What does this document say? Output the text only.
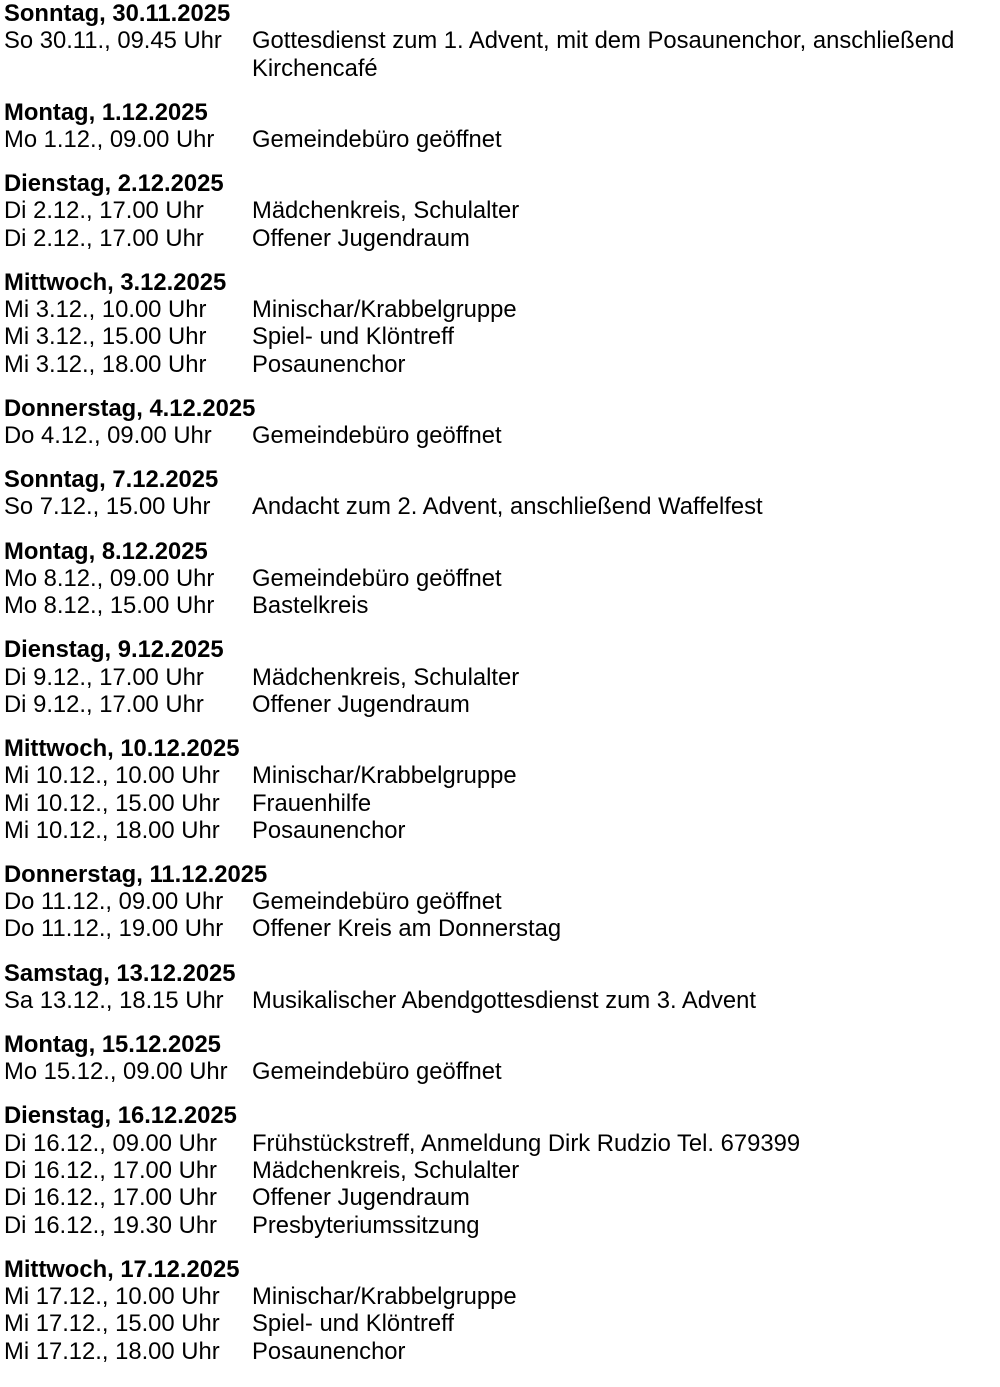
Sonntag, 30.11.2025
So 30.11., 09.45 Uhr	Gottesdienst zum 1. Advent, mit dem Posaunenchor, anschließend Kirchencafé
Montag, 1.12.2025
Mo 1.12., 09.00 Uhr	Gemeindebüro geöffnet
Dienstag, 2.12.2025
Di 2.12., 17.00 Uhr	Mädchenkreis, Schulalter
Di 2.12., 17.00 Uhr	Offener Jugendraum
Mittwoch, 3.12.2025
Mi 3.12., 10.00 Uhr	Minischar/Krabbelgruppe
Mi 3.12., 15.00 Uhr	Spiel- und Klöntreff
Mi 3.12., 18.00 Uhr	Posaunenchor
Donnerstag, 4.12.2025
Do 4.12., 09.00 Uhr	Gemeindebüro geöffnet
Sonntag, 7.12.2025
So 7.12., 15.00 Uhr	Andacht zum 2. Advent, anschließend Waffelfest
Montag, 8.12.2025
Mo 8.12., 09.00 Uhr	Gemeindebüro geöffnet
Mo 8.12., 15.00 Uhr	Bastelkreis
Dienstag, 9.12.2025
Di 9.12., 17.00 Uhr	Mädchenkreis, Schulalter
Di 9.12., 17.00 Uhr	Offener Jugendraum
Mittwoch, 10.12.2025
Mi 10.12., 10.00 Uhr	Minischar/Krabbelgruppe
Mi 10.12., 15.00 Uhr	Frauenhilfe
Mi 10.12., 18.00 Uhr	Posaunenchor
Donnerstag, 11.12.2025
Do 11.12., 09.00 Uhr	Gemeindebüro geöffnet
Do 11.12., 19.00 Uhr	Offener Kreis am Donnerstag
Samstag, 13.12.2025
Sa 13.12., 18.15 Uhr	Musikalischer Abendgottesdienst zum 3. Advent
Montag, 15.12.2025
Mo 15.12., 09.00 Uhr	Gemeindebüro geöffnet
Dienstag, 16.12.2025
Di 16.12., 09.00 Uhr	Frühstückstreff, Anmeldung Dirk Rudzio Tel. 679399
Di 16.12., 17.00 Uhr	Mädchenkreis, Schulalter
Di 16.12., 17.00 Uhr	Offener Jugendraum
Di 16.12., 19.30 Uhr	Presbyteriumssitzung
Mittwoch, 17.12.2025
Mi 17.12., 10.00 Uhr	Minischar/Krabbelgruppe
Mi 17.12., 15.00 Uhr	Spiel- und Klöntreff
Mi 17.12., 18.00 Uhr	Posaunenchor
